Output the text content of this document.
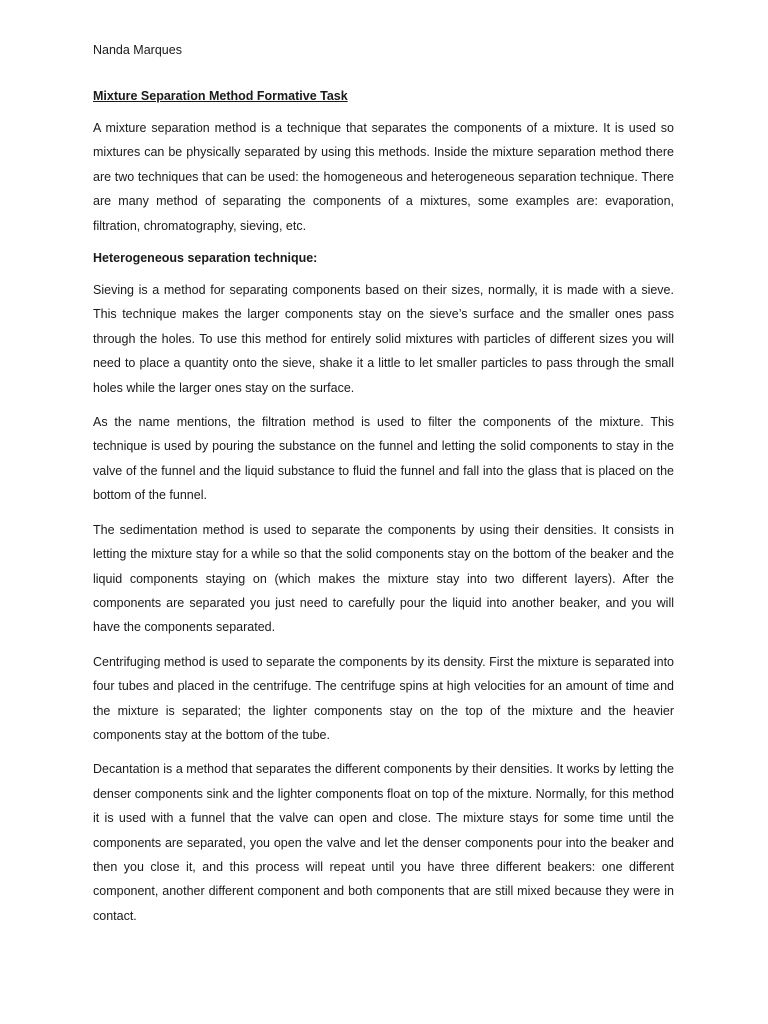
Nanda Marques

Mixture Separation Method Formative Task

A mixture separation method is a technique that separates the components of a mixture. It is used so mixtures can be physically separated by using this methods. Inside the mixture separation method there are two techniques that can be used: the homogeneous and heterogeneous separation technique. There are many method of separating the components of a mixtures, some examples are: evaporation, filtration, chromatography, sieving, etc.

Heterogeneous separation technique:

Sieving is a method for separating components based on their sizes, normally, it is made with a sieve. This technique makes the larger components stay on the sieve’s surface and the smaller ones pass through the holes. To use this method for entirely solid mixtures with particles of different sizes you will need to place a quantity onto the sieve, shake it a little to let smaller particles to pass through the small holes while the larger ones stay on the surface.

As the name mentions, the filtration method is used to filter the components of the mixture. This technique is used by pouring the substance on the funnel and letting the solid components to stay in the valve of the funnel and the liquid substance to fluid the funnel and fall into the glass that is placed on the bottom of the funnel.

The sedimentation method is used to separate the components by using their densities. It consists in letting the mixture stay for a while so that the solid components stay on the bottom of the beaker and the liquid components staying on (which makes the mixture stay into two different layers). After the components are separated you just need to carefully pour the liquid into another beaker, and you will have the components separated.

Centrifuging method is used to separate the components by its density. First the mixture is separated into four tubes and placed in the centrifuge. The centrifuge spins at high velocities for an amount of time and the mixture is separated; the lighter components stay on the top of the mixture and the heavier components stay at the bottom of the tube.

Decantation is a method that separates the different components by their densities. It works by letting the denser components sink and the lighter components float on top of the mixture. Normally, for this method it is used with a funnel that the valve can open and close. The mixture stays for some time until the components are separated, you open the valve and let the denser components pour into the beaker and then you close it, and this process will repeat until you have three different beakers: one different component, another different component and both components that are still mixed because they were in contact.
